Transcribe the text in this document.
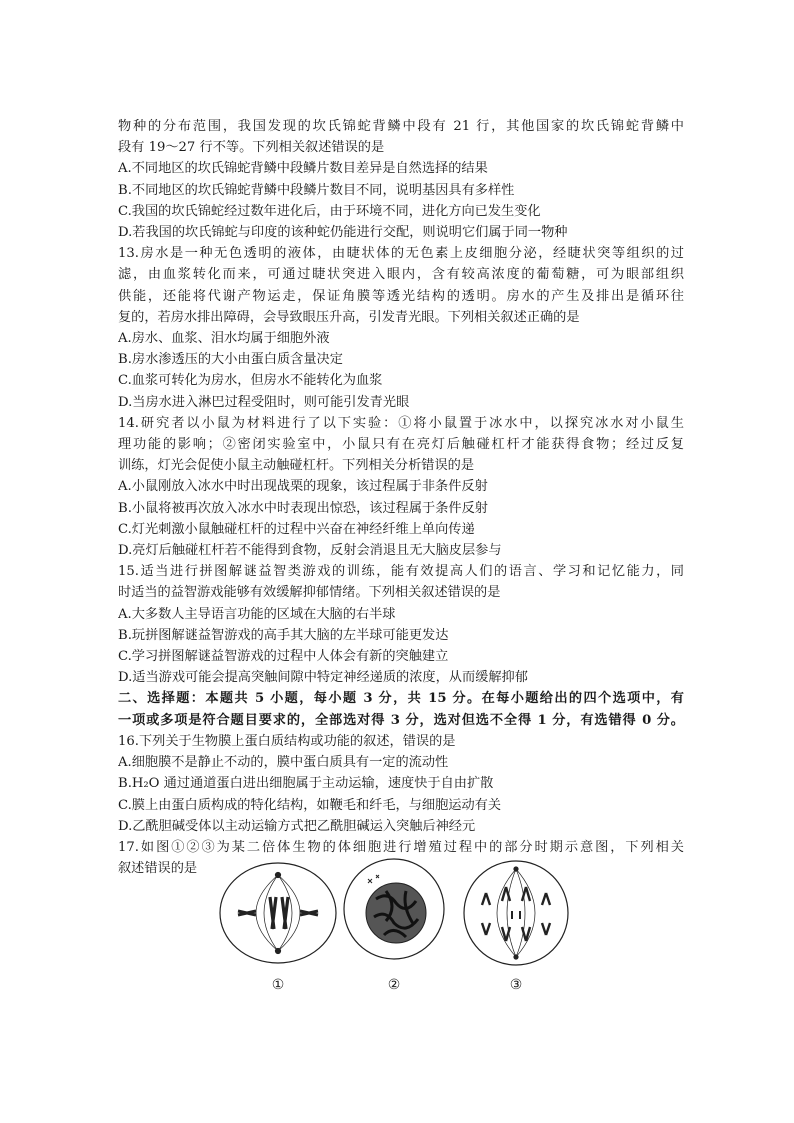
物种的分布范围，我国发现的坎氏锦蛇背鳞中段有 21 行，其他国家的坎氏锦蛇背鳞中
段有 19～27 行不等。下列相关叙述错误的是
A.不同地区的坎氏锦蛇背鳞中段鳞片数目差异是自然选择的结果
B.不同地区的坎氏锦蛇背鳞中段鳞片数目不同，说明基因具有多样性
C.我国的坎氏锦蛇经过数年进化后，由于环境不同，进化方向已发生变化
D.若我国的坎氏锦蛇与印度的该种蛇仍能进行交配，则说明它们属于同一物种
13.房水是一种无色透明的液体，由睫状体的无色素上皮细胞分泌，经睫状突等组织的过
滤，由血浆转化而来，可通过睫状突进入眼内，含有较高浓度的葡萄糖，可为眼部组织
供能，还能将代谢产物运走，保证角膜等透光结构的透明。房水的产生及排出是循环往
复的，若房水排出障碍，会导致眼压升高，引发青光眼。下列相关叙述正确的是
A.房水、血浆、泪水均属于细胞外液
B.房水渗透压的大小由蛋白质含量决定
C.血浆可转化为房水，但房水不能转化为血浆
D.当房水进入淋巴过程受阻时，则可能引发青光眼
14.研究者以小鼠为材料进行了以下实验：①将小鼠置于冰水中，以探究冰水对小鼠生
理功能的影响；②密闭实验室中，小鼠只有在亮灯后触碰杠杆才能获得食物；经过反复
训练，灯光会促使小鼠主动触碰杠杆。下列相关分析错误的是
A.小鼠刚放入冰水中时出现战栗的现象，该过程属于非条件反射
B.小鼠将被再次放入冰水中时表现出惊恐，该过程属于条件反射
C.灯光刺激小鼠触碰杠杆的过程中兴奋在神经纤维上单向传递
D.亮灯后触碰杠杆若不能得到食物，反射会消退且无大脑皮层参与
15.适当进行拼图解谜益智类游戏的训练，能有效提高人们的语言、学习和记忆能力，同
时适当的益智游戏能够有效缓解抑郁情绪。下列相关叙述错误的是
A.大多数人主导语言功能的区域在大脑的右半球
B.玩拼图解谜益智游戏的高手其大脑的左半球可能更发达
C.学习拼图解谜益智游戏的过程中人体会有新的突触建立
D.适当游戏可能会提高突触间隙中特定神经递质的浓度，从而缓解抑郁
二、选择题：本题共 5 小题，每小题 3 分，共 15 分。在每小题给出的四个选项中，有
一项或多项是符合题目要求的，全部选对得 3 分，选对但选不全得 1 分，有选错得 0 分。
16.下列关于生物膜上蛋白质结构或功能的叙述，错误的是
A.细胞膜不是静止不动的，膜中蛋白质具有一定的流动性
B.H₂O 通过通道蛋白进出细胞属于主动运输，速度快于自由扩散
C.膜上由蛋白质构成的特化结构，如鞭毛和纤毛，与细胞运动有关
D.乙酰胆碱受体以主动运输方式把乙酰胆碱运入突触后神经元
17.如图①②③为某二倍体生物的体细胞进行增殖过程中的部分时期示意图，下列相关
叙述错误的是
①	②	③
